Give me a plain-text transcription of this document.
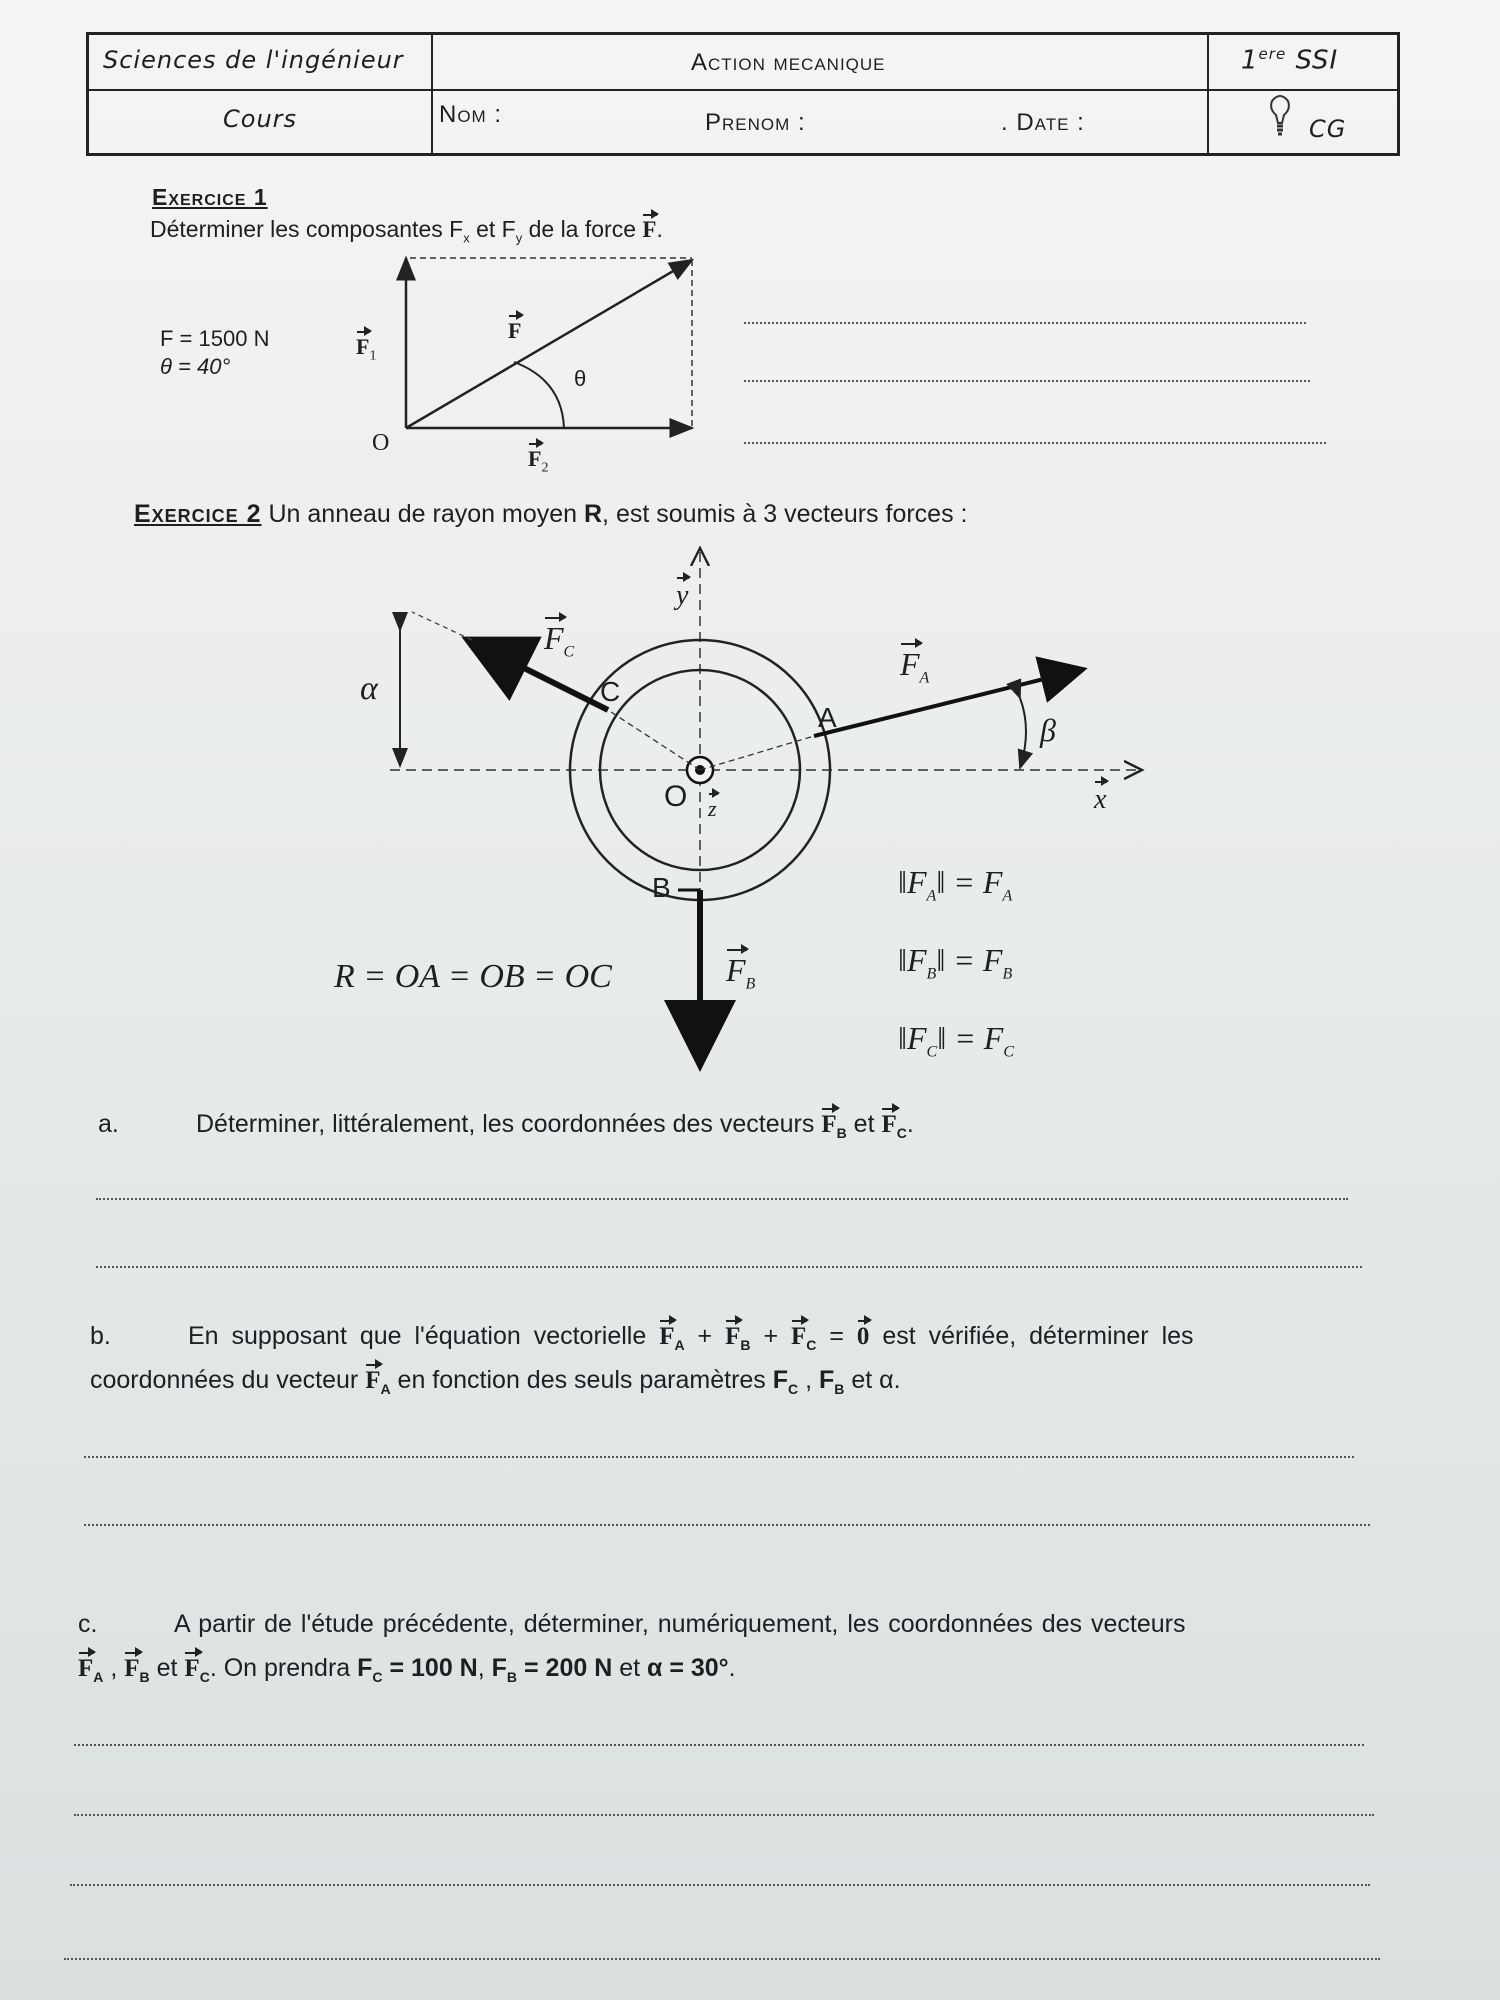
Sciences de l'ingénieur	Action mecanique	1ere SSI
Cours	Nom :	Prenom :	. Date :	CG
Exercice 1
Déterminer les composantes $F_x$ et $F_y$ de la force F.
F = 1500 N
θ = 40°
F
$F_1$
$F_2$
θ
O
Exercice 2 Un anneau de rayon moyen R, est soumis à 3 vecteurs forces :
y
x
z
O
A
B
C
$F_A$
$F_C$
$F_B$
α
β
R = OA = OB = OC
$‖F_A‖ = F_A$
$‖F_B‖ = F_B$
$‖F_C‖ = F_C$
a.	Déterminer, littéralement, les coordonnées des vecteurs $F_B$ et $F_C$.
b.	En supposant que l'équation vectorielle $F_A + F_B + F_C = 0$ est vérifiée, déterminer les
coordonnées du vecteur $F_A$ en fonction des seuls paramètres $F_C$ , $F_B$ et α.
c.	A partir de l'étude précédente, déterminer, numériquement, les coordonnées des vecteurs
$F_A$ , $F_B$ et $F_C$. On prendra $F_C = 100$ N, $F_B = 200$ N et α = 30°.
